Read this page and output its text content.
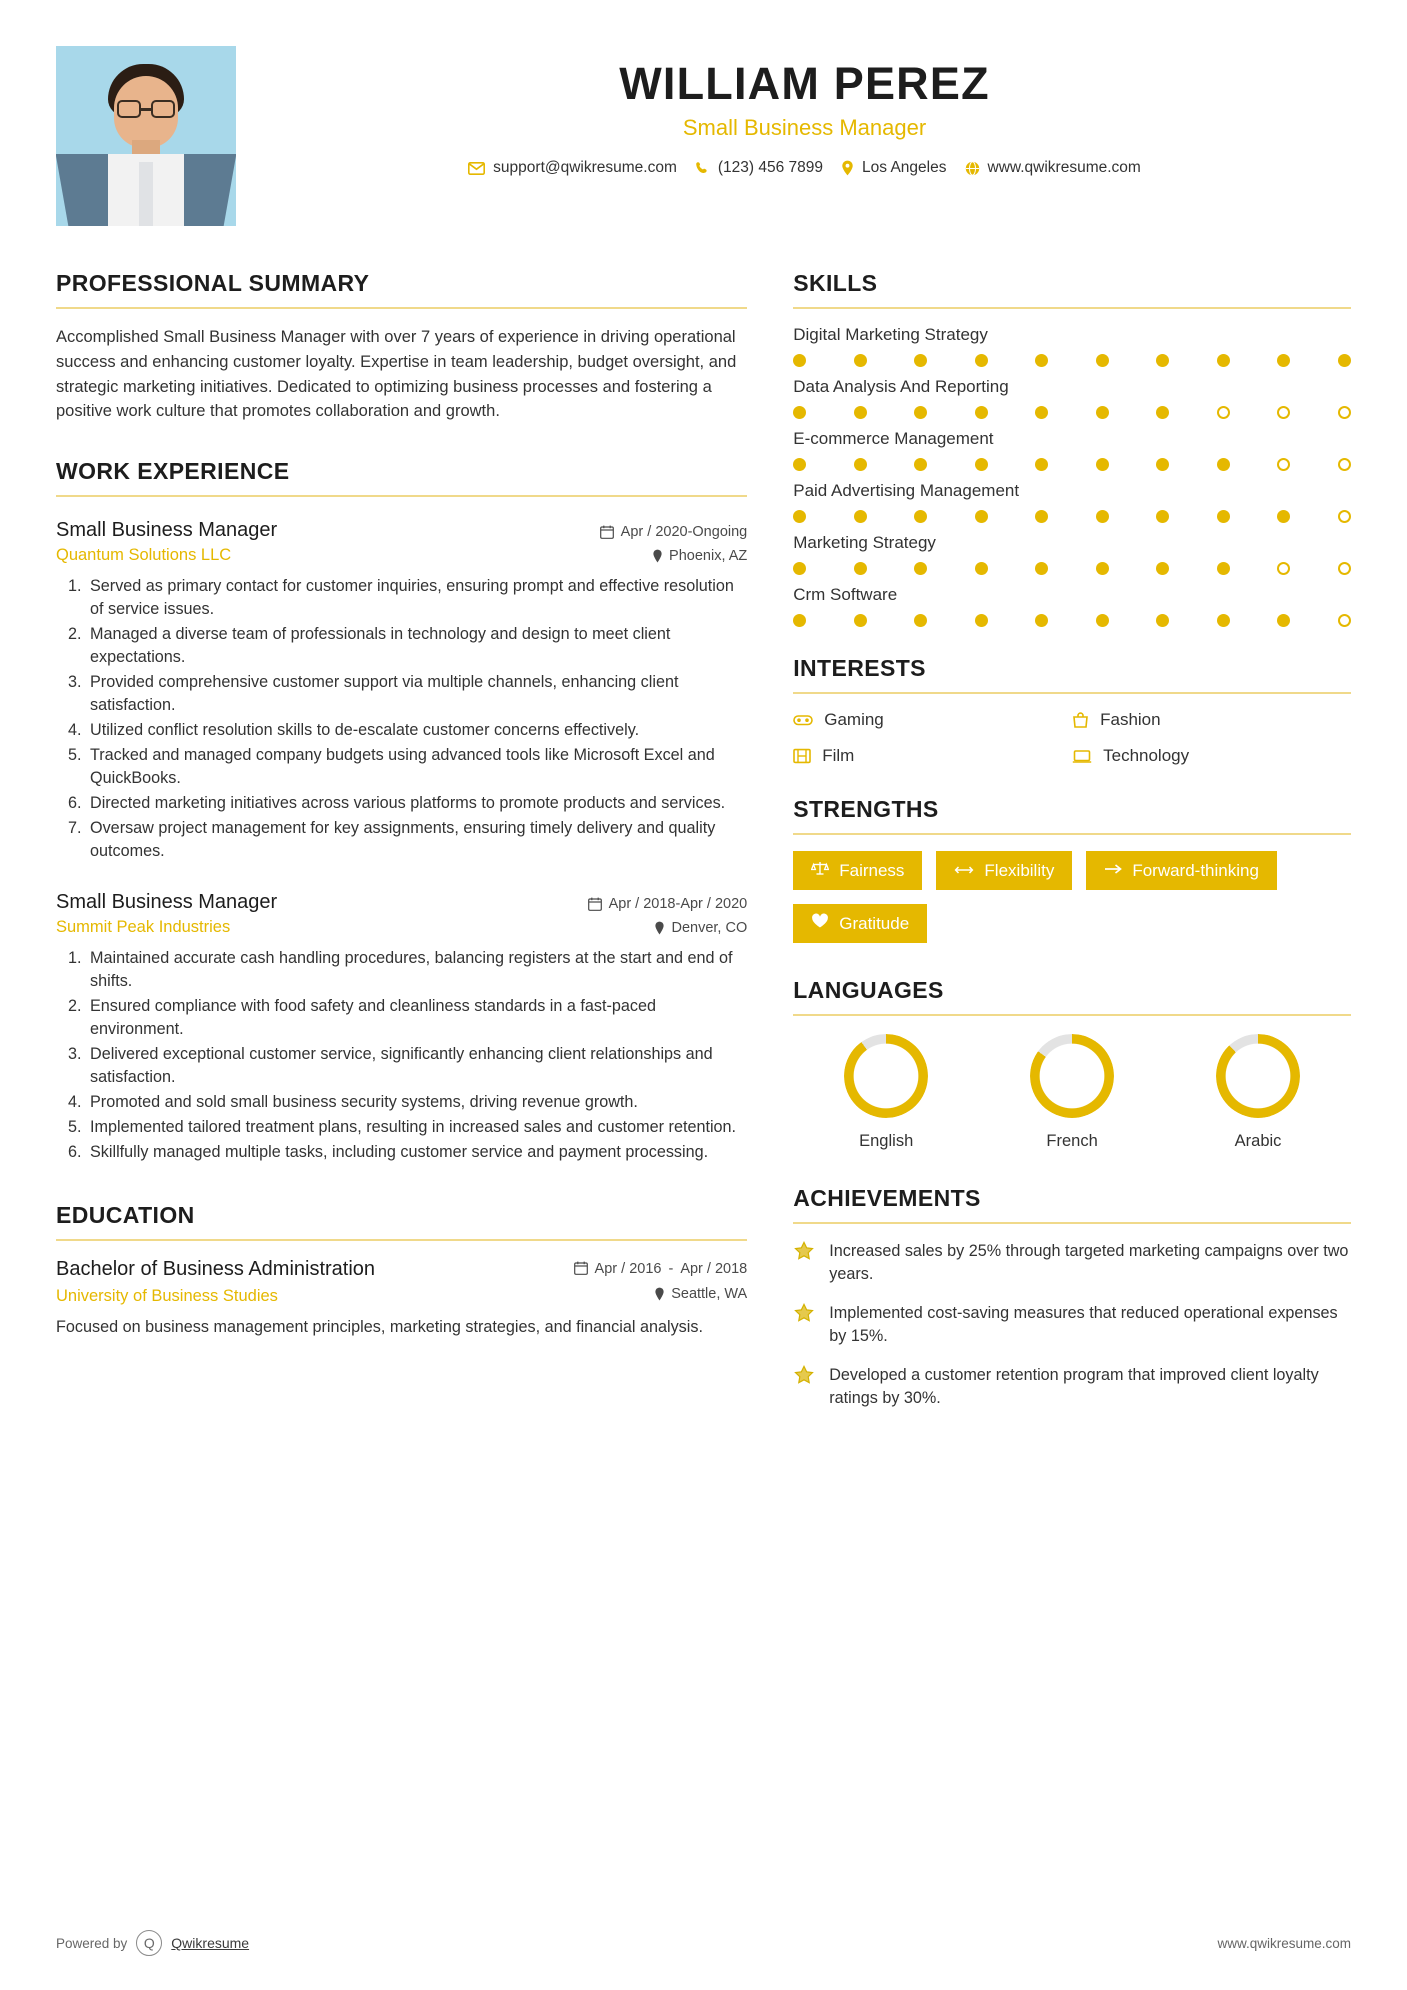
WILLIAM PEREZ
Small Business Manager
support@qwikresume.com	(123) 456 7899	Los Angeles	www.qwikresume.com
PROFESSIONAL SUMMARY
Accomplished Small Business Manager with over 7 years of experience in driving operational success and enhancing customer loyalty. Expertise in team leadership, budget oversight, and strategic marketing initiatives. Dedicated to optimizing business processes and fostering a positive work culture that promotes collaboration and growth.
WORK EXPERIENCE
Small Business Manager	Apr / 2020-Ongoing
Quantum Solutions LLC	Phoenix, AZ
1. Served as primary contact for customer inquiries, ensuring prompt and effective resolution of service issues.
2. Managed a diverse team of professionals in technology and design to meet client expectations.
3. Provided comprehensive customer support via multiple channels, enhancing client satisfaction.
4. Utilized conflict resolution skills to de-escalate customer concerns effectively.
5. Tracked and managed company budgets using advanced tools like Microsoft Excel and QuickBooks.
6. Directed marketing initiatives across various platforms to promote products and services.
7. Oversaw project management for key assignments, ensuring timely delivery and quality outcomes.
Small Business Manager	Apr / 2018-Apr / 2020
Summit Peak Industries	Denver, CO
1. Maintained accurate cash handling procedures, balancing registers at the start and end of shifts.
2. Ensured compliance with food safety and cleanliness standards in a fast-paced environment.
3. Delivered exceptional customer service, significantly enhancing client relationships and satisfaction.
4. Promoted and sold small business security systems, driving revenue growth.
5. Implemented tailored treatment plans, resulting in increased sales and customer retention.
6. Skillfully managed multiple tasks, including customer service and payment processing.
EDUCATION
Bachelor of Business Administration	Apr / 2016 - Apr / 2018
University of Business Studies	Seattle, WA
Focused on business management principles, marketing strategies, and financial analysis.
SKILLS
Digital Marketing Strategy
Data Analysis And Reporting
E-commerce Management
Paid Advertising Management
Marketing Strategy
Crm Software
INTERESTS
Gaming	Fashion
Film	Technology
STRENGTHS
Fairness	Flexibility	Forward-thinking
Gratitude
LANGUAGES
English	French	Arabic
ACHIEVEMENTS
Increased sales by 25% through targeted marketing campaigns over two years.
Implemented cost-saving measures that reduced operational expenses by 15%.
Developed a customer retention program that improved client loyalty ratings by 30%.
Powered by	Q	Qwikresume	www.qwikresume.com
